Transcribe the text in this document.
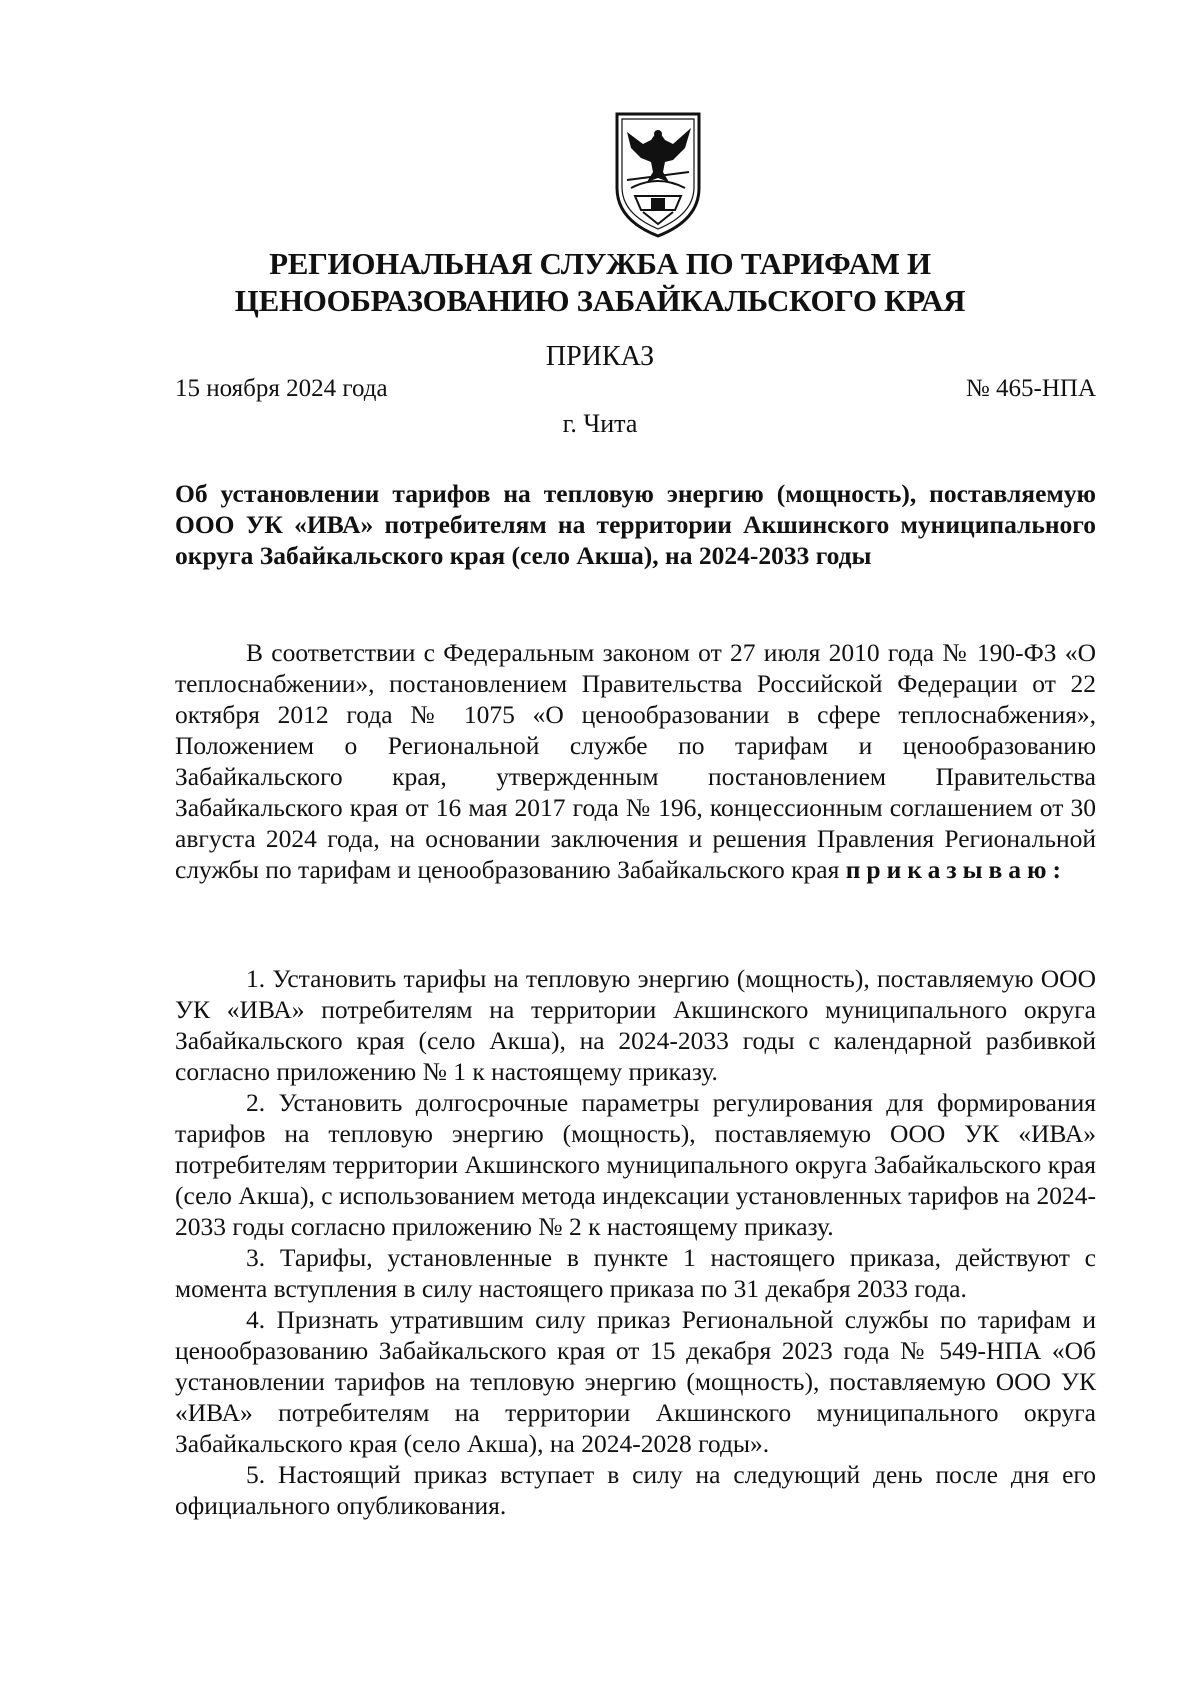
РЕГИОНАЛЬНАЯ СЛУЖБА ПО ТАРИФАМ И
ЦЕНООБРАЗОВАНИЮ ЗАБАЙКАЛЬСКОГО КРАЯ
ПРИКАЗ
15 ноября 2024 года	№ 465-НПА
г. Чита
Об установлении тарифов на тепловую энергию (мощность), поставляемую ООО УК «ИВА» потребителям на территории Акшинского муниципального округа Забайкальского края (село Акша), на 2024-2033 годы
В соответствии с Федеральным законом от 27 июля 2010 года № 190-ФЗ «О теплоснабжении», постановлением Правительства Российской Федерации от 22 октября 2012 года № 1075 «О ценообразовании в сфере теплоснабжения», Положением о Региональной службе по тарифам и ценообразованию Забайкальского края, утвержденным постановлением Правительства Забайкальского края от 16 мая 2017 года № 196, концессионным соглашением от 30 августа 2024 года, на основании заключения и решения Правления Региональной службы по тарифам и ценообразованию Забайкальского края приказываю:

1. Установить тарифы на тепловую энергию (мощность), поставляемую ООО УК «ИВА» потребителям на территории Акшинского муниципального округа Забайкальского края (село Акша), на 2024-2033 годы с календарной разбивкой согласно приложению № 1 к настоящему приказу.

2. Установить долгосрочные параметры регулирования для формирования тарифов на тепловую энергию (мощность), поставляемую ООО УК «ИВА» потребителям территории Акшинского муниципального округа Забайкальского края (село Акша), с использованием метода индексации установленных тарифов на 2024-2033 годы согласно приложению № 2 к настоящему приказу.

3. Тарифы, установленные в пункте 1 настоящего приказа, действуют с момента вступления в силу настоящего приказа по 31 декабря 2033 года.

4. Признать утратившим силу приказ Региональной службы по тарифам и ценообразованию Забайкальского края от 15 декабря 2023 года № 549-НПА «Об установлении тарифов на тепловую энергию (мощность), поставляемую ООО УК «ИВА» потребителям на территории Акшинского муниципального округа Забайкальского края (село Акша), на 2024-2028 годы».

5. Настоящий приказ вступает в силу на следующий день после дня его официального опубликования.
